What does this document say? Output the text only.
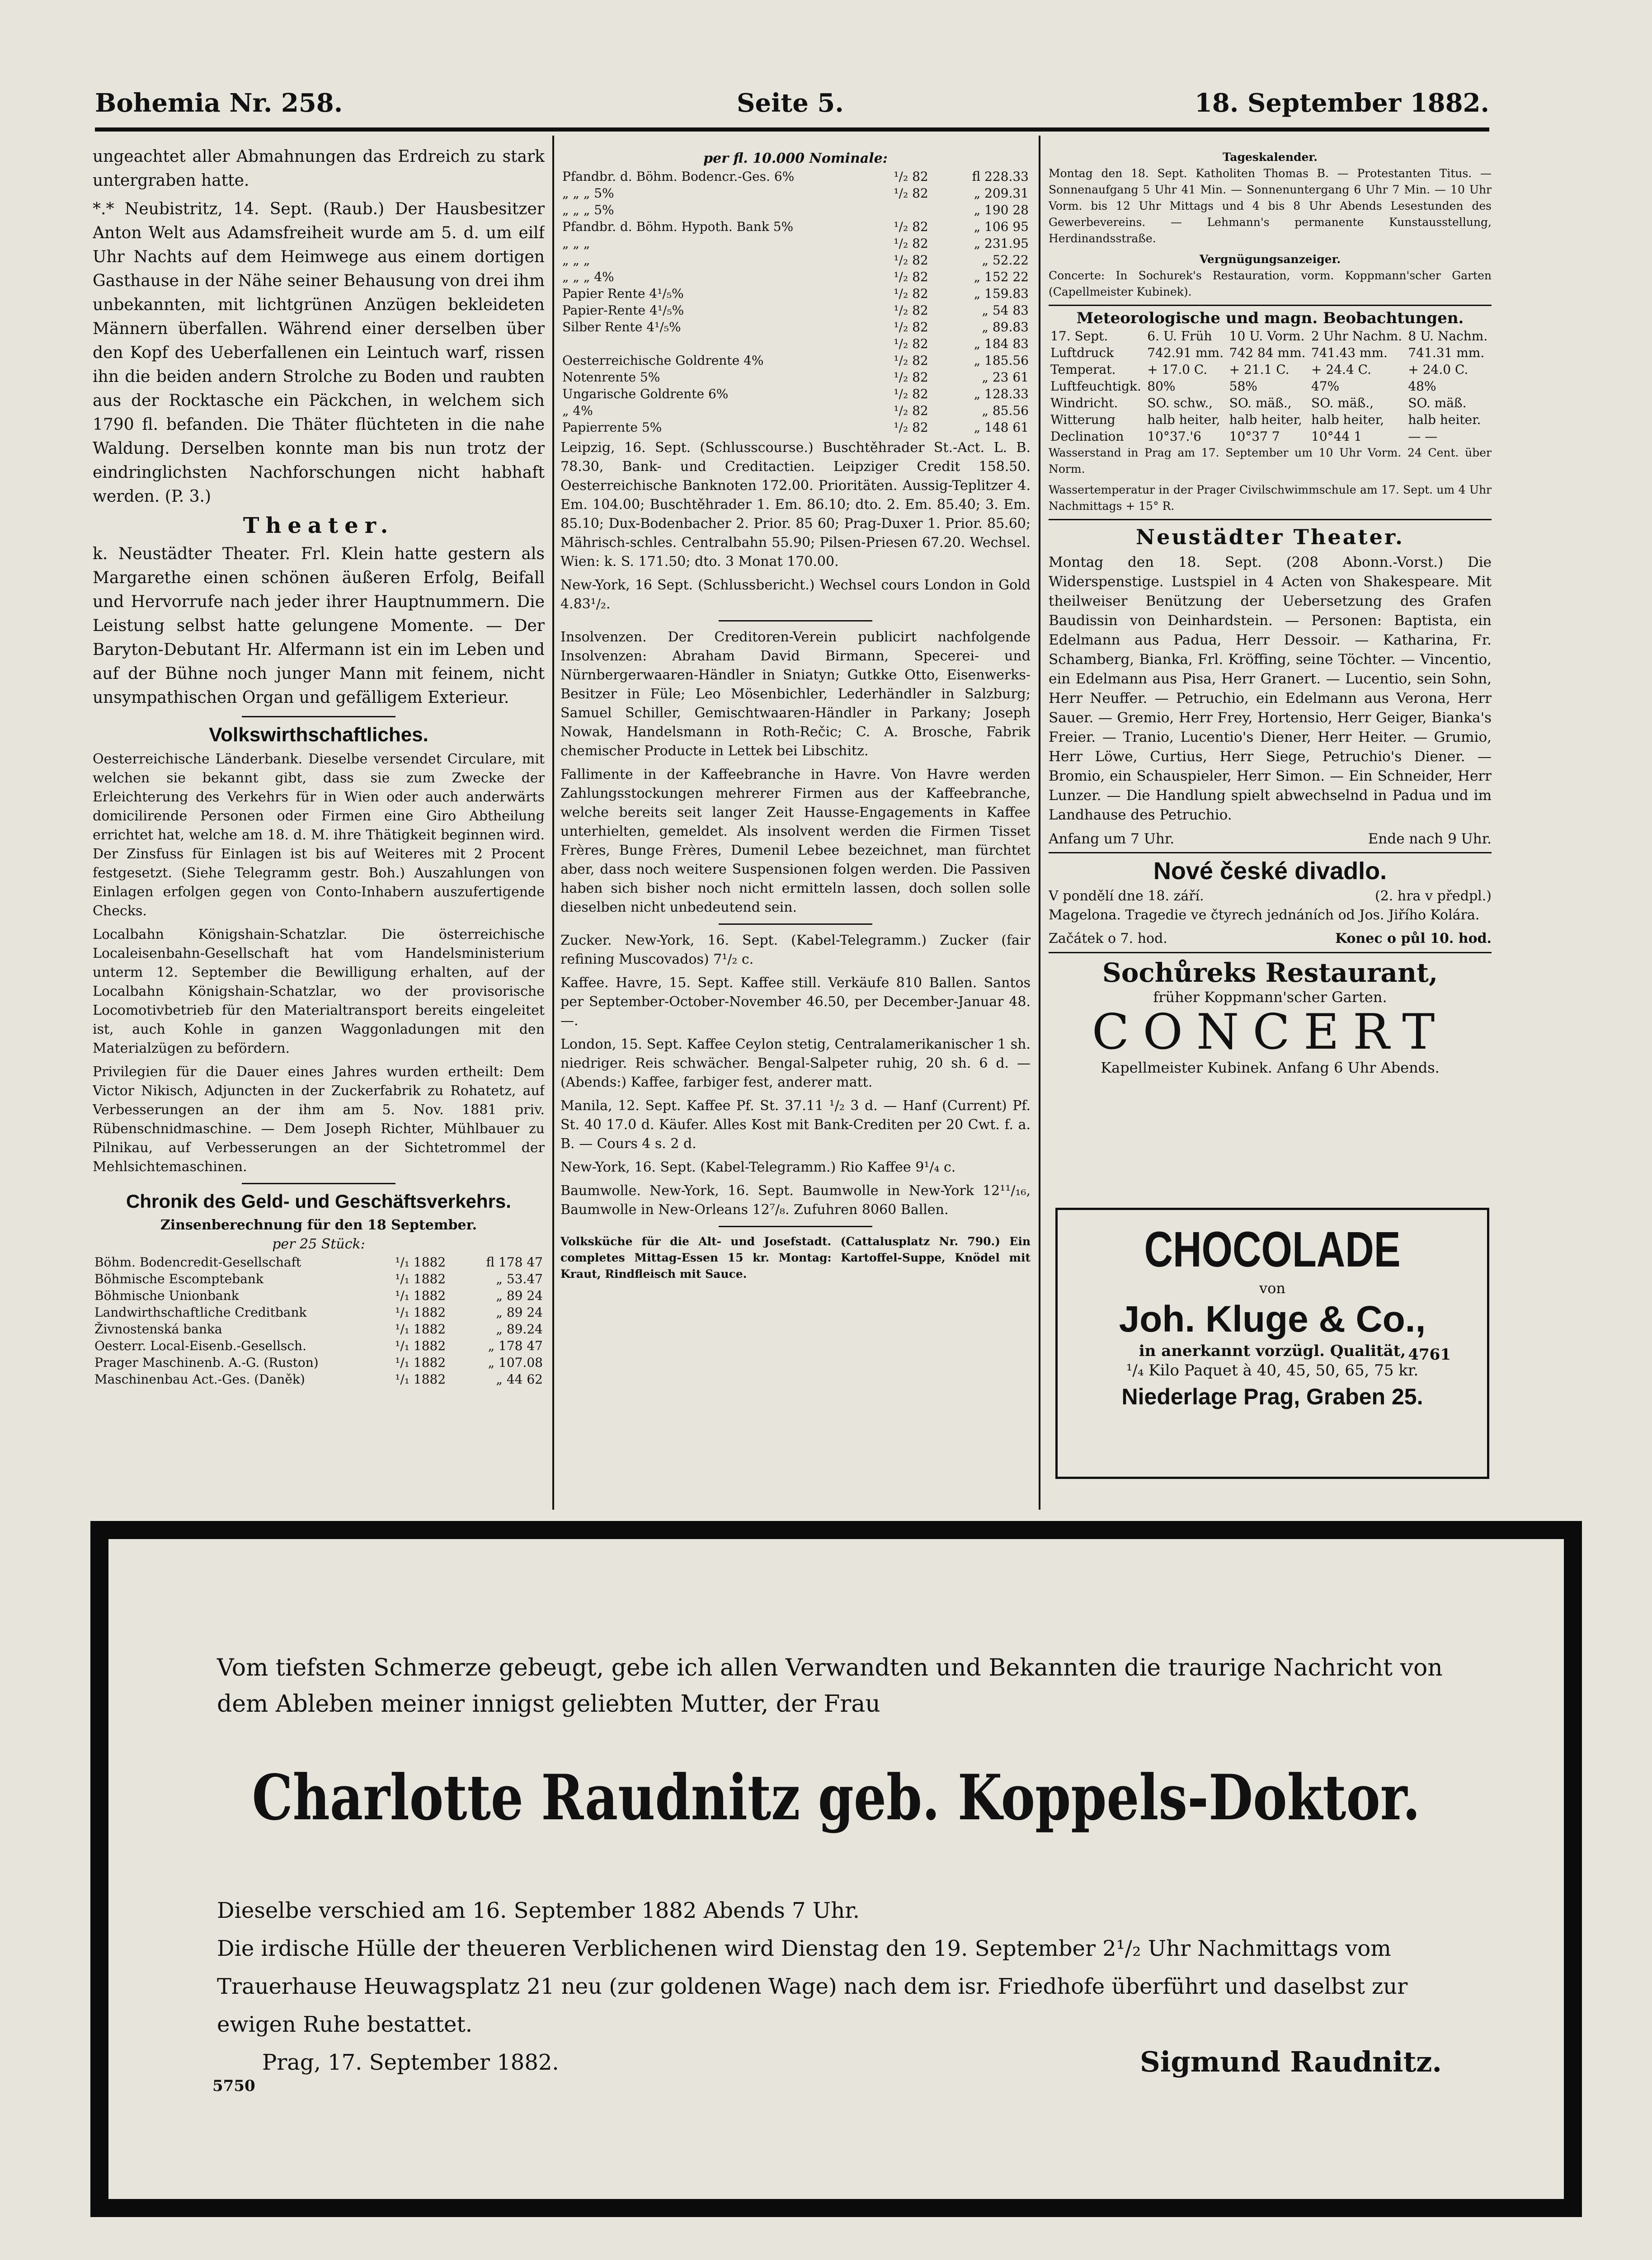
Bohemia Nr. 258.	Seite 5.	18. September 1882.

ungeachtet aller Abmahnungen das Erdreich zu stark untergraben hatte.

*.* Neubistritz, 14. Sept. (Raub.) Der Hausbesitzer Anton Welt aus Adamsfreiheit wurde am 5. d. um eilf Uhr Nachts auf dem Heimwege aus einem dortigen Gasthause in der Nähe seiner Behausung von drei ihm unbekannten, mit lichtgrünen Anzügen bekleideten Männern überfallen. Während einer derselben über den Kopf des Ueberfallenen ein Leintuch warf, rissen ihn die beiden andern Strolche zu Boden und raubten aus der Rocktasche ein Päckchen, in welchem sich 1790 fl. befanden. Die Thäter flüchteten in die nahe Waldung. Derselben konnte man bis nun trotz der eindringlichsten Nachforschungen nicht habhaft werden. (P. 3.)

Theater.

k. Neustädter Theater. Frl. Klein hatte gestern als Margarethe einen schönen äußeren Erfolg, Beifall und Hervorrufe nach jeder ihrer Hauptnummern. Die Leistung selbst hatte gelungene Momente. — Der Baryton-Debutant Hr. Alfermann ist ein im Leben und auf der Bühne noch junger Mann mit feinem, nicht unsympathischen Organ und gefälligem Exterieur.

Volkswirthschaftliches.

Oesterreichische Länderbank. Dieselbe versendet Circulare, mit welchen sie bekannt gibt, dass sie zum Zwecke der Erleichterung des Verkehrs für in Wien oder auch anderwärts domicilirende Personen oder Firmen eine Giro Abtheilung errichtet hat, welche am 18. d. M. ihre Thätigkeit beginnen wird. Der Zinsfuss für Einlagen ist bis auf Weiteres mit 2 Procent festgesetzt. (Siehe Telegramm gestr. Boh.) Auszahlungen von Einlagen erfolgen gegen von Conto-Inhabern auszufertigende Checks.

Localbahn Königshain-Schatzlar. Die österreichische Localeisenbahn-Gesellschaft hat vom Handelsministerium unterm 12. September die Bewilligung erhalten, auf der Localbahn Königshain-Schatzlar, wo der provisorische Locomotivbetrieb für den Materialtransport bereits eingeleitet ist, auch Kohle in ganzen Waggonladungen mit den Materialzügen zu befördern.

Privilegien für die Dauer eines Jahres wurden ertheilt: Dem Victor Nikisch, Adjuncten in der Zuckerfabrik zu Rohatetz, auf Verbesserungen an der ihm am 5. Nov. 1881 priv. Rübenschnidmaschine. — Dem Joseph Richter, Mühlbauer zu Pilnikau, auf Verbesserungen an der Sichtetrommel der Mehlsichtemaschinen.

Chronik des Geld- und Geschäftsverkehrs.
Zinsenberechnung für den 18 September.
per 25 Stück:
Böhm. Bodencredit-Gesellschaft	¹/₁ 1882	fl 178 47
Böhmische Escomptebank	¹/₁ 1882	„ 53.47
Böhmische Unionbank	¹/₁ 1882	„ 89 24
Landwirthschaftliche Creditbank	¹/₁ 1882	„ 89 24
Živnostenská banka	¹/₁ 1882	„ 89.24
Oesterr. Local-Eisenb.-Gesellsch.	¹/₁ 1882	„ 178 47
Prager Maschinenb. A.-G. (Ruston)	¹/₁ 1882	„ 107.08
Maschinenbau Act.-Ges. (Daněk)	¹/₁ 1882	„ 44 62
per fl. 10.000 Nominale:
Pfandbr. d. Böhm. Bodencr.-Ges. 6%	¹/₂ 82	fl 228.33
„ „ „ 5%	¹/₂ 82	„ 209.31
„ „ „ 5%		„ 190 28
Pfandbr. d. Böhm. Hypoth. Bank 5%	¹/₂ 82	„ 106 95
„ „ „	¹/₂ 82	„ 231.95
„ „ „	¹/₂ 82	„ 52.22
„ „ „ 4%	¹/₂ 82	„ 152 22
Papier Rente 4¹/₅%	¹/₂ 82	„ 159.83
Papier-Rente 4¹/₅%	¹/₂ 82	„ 54 83
Silber Rente 4¹/₅%	¹/₂ 82	„ 89.83
	¹/₂ 82	„ 184 83
Oesterreichische Goldrente 4%	¹/₂ 82	„ 185.56
Notenrente 5%	¹/₂ 82	„ 23 61
Ungarische Goldrente 6%	¹/₂ 82	„ 128.33
„ 4%	¹/₂ 82	„ 85.56
Papierrente 5%	¹/₂ 82	„ 148 61

Leipzig, 16. Sept. (Schlusscourse.) Buschtěhrader St.-Act. L. B. 78.30, Bank- und Creditactien. Leipziger Credit 158.50. Oesterreichische Banknoten 172.00. Prioritäten. Aussig-Teplitzer 4. Em. 104.00; Buschtěhrader 1. Em. 86.10; dto. 2. Em. 85.40; 3. Em. 85.10; Dux-Bodenbacher 2. Prior. 85 60; Prag-Duxer 1. Prior. 85.60; Mährisch-schles. Centralbahn 55.90; Pilsen-Priesen 67.20. Wechsel. Wien: k. S. 171.50; dto. 3 Monat 170.00.

New-York, 16 Sept. (Schlussbericht.) Wechsel cours London in Gold 4.83¹/₂.

Insolvenzen. Der Creditoren-Verein publicirt nachfolgende Insolvenzen: Abraham David Birmann, Specerei- und Nürnbergerwaaren-Händler in Sniatyn; Gutkke Otto, Eisenwerks-Besitzer in Füle; Leo Mösenbichler, Lederhändler in Salzburg; Samuel Schiller, Gemischtwaaren-Händler in Parkany; Joseph Nowak, Handelsmann in Roth-Rečic; C. A. Brosche, Fabrik chemischer Producte in Lettek bei Libschitz.

Fallimente in der Kaffeebranche in Havre. Von Havre werden Zahlungsstockungen mehrerer Firmen aus der Kaffeebranche, welche bereits seit langer Zeit Hausse-Engagements in Kaffee unterhielten, gemeldet. Als insolvent werden die Firmen Tisset Frères, Bunge Frères, Dumenil Lebee bezeichnet, man fürchtet aber, dass noch weitere Suspensionen folgen werden. Die Passiven haben sich bisher noch nicht ermitteln lassen, doch sollen solle dieselben nicht unbedeutend sein.

Zucker. New-York, 16. Sept. (Kabel-Telegramm.) Zucker (fair refining Muscovados) 7¹/₂ c.

Kaffee. Havre, 15. Sept. Kaffee still. Verkäufe 810 Ballen. Santos per September-October-November 46.50, per December-Januar 48.—.

London, 15. Sept. Kaffee Ceylon stetig, Centralamerikanischer 1 sh. niedriger. Reis schwächer. Bengal-Salpeter ruhig, 20 sh. 6 d. — (Abends:) Kaffee, farbiger fest, anderer matt.

Manila, 12. Sept. Kaffee Pf. St. 37.11 ¹/₂ 3 d. — Hanf (Current) Pf. St. 40 17.0 d. Käufer. Alles Kost mit Bank-Crediten per 20 Cwt. f. a. B. — Cours 4 s. 2 d.

New-York, 16. Sept. (Kabel-Telegramm.) Rio Kaffee 9¹/₄ c.

Baumwolle. New-York, 16. Sept. Baumwolle in New-York 12¹¹/₁₆, Baumwolle in New-Orleans 12⁷/₈. Zufuhren 8060 Ballen.

Volksküche für die Alt- und Josefstadt. (Cattalusplatz Nr. 790.) Ein completes Mittag-Essen 15 kr. Montag: Kartoffel-Suppe, Knödel mit Kraut, Rindfleisch mit Sauce.

Tageskalender.

Montag den 18. Sept. Katholiten Thomas B. — Protestanten Titus. — Sonnenaufgang 5 Uhr 41 Min. — Sonnenuntergang 6 Uhr 7 Min. — 10 Uhr Vorm. bis 12 Uhr Mittags und 4 bis 8 Uhr Abends Lesestunden des Gewerbevereins. — Lehmann's permanente Kunstausstellung, Herdinandsstraße.

Vergnügungsanzeiger.

Concerte: In Sochurek's Restauration, vorm. Koppmann'scher Garten (Capellmeister Kubinek).

Meteorologische und magn. Beobachtungen.
17. Sept.	6. U. Früh	10 U. Vorm.	2 Uhr Nachm.	8 U. Nachm.
Luftdruck	742.91 mm.	742 84 mm.	741.43 mm.	741.31 mm.
Temperat.	+ 17.0 C.	+ 21.1 C.	+ 24.4 C.	+ 24.0 C.
Luftfeuchtigk.	80%	58%	47%	48%
Windricht.	SO. schw.,	SO. mäß.,	SO. mäß.,	SO. mäß.
Witterung	halb heiter,	halb heiter,	halb heiter,	halb heiter.
Declination	10°37.'6	10°37 7	10°44 1	— —

Wasserstand in Prag am 17. September um 10 Uhr Vorm. 24 Cent. über Norm.

Wassertemperatur in der Prager Civilschwimmschule am 17. Sept. um 4 Uhr Nachmittags + 15° R.

Neustädter Theater.

Montag den 18. Sept. (208 Abonn.-Vorst.) Die Widerspenstige. Lustspiel in 4 Acten von Shakespeare. Mit theilweiser Benützung der Uebersetzung des Grafen Baudissin von Deinhardstein. — Personen: Baptista, ein Edelmann aus Padua, Herr Dessoir. — Katharina, Fr. Schamberg, Bianka, Frl. Kröffing, seine Töchter. — Vincentio, ein Edelmann aus Pisa, Herr Granert. — Lucentio, sein Sohn, Herr Neuffer. — Petruchio, ein Edelmann aus Verona, Herr Sauer. — Gremio, Herr Frey, Hortensio, Herr Geiger, Bianka's Freier. — Tranio, Lucentio's Diener, Herr Heiter. — Grumio, Herr Löwe, Curtius, Herr Siege, Petruchio's Diener. — Bromio, ein Schauspieler, Herr Simon. — Ein Schneider, Herr Lunzer. — Die Handlung spielt abwechselnd in Padua und im Landhause des Petruchio.

Anfang um 7 Uhr.	Ende nach 9 Uhr.
Nové české divadlo.
V pondělí dne 18. září.	(2. hra v předpl.)

Magelona. Tragedie ve čtyrech jednáních od Jos. Jiřího Kolára.

Začátek o 7. hod.	Konec o půl 10. hod.
Sochůreks Restaurant,
früher Koppmann'scher Garten.
CONCERT
Kapellmeister Kubinek. Anfang 6 Uhr Abends.
CHOCOLADE
von
Joh. Kluge & Co.,
in anerkannt vorzügl. Qualität,
¹/₄ Kilo Paquet à 40, 45, 50, 65, 75 kr.
Niederlage Prag, Graben 25.
4761
Vom tiefsten Schmerze gebeugt, gebe ich allen Verwandten und Bekannten die traurige Nachricht von dem Ableben meiner innigst geliebten Mutter, der Frau
Charlotte Raudnitz geb. Koppels-Doktor.
Dieselbe verschied am 16. September 1882 Abends 7 Uhr.
Die irdische Hülle der theueren Verblichenen wird Dienstag den 19. September 2¹/₂ Uhr Nachmittags vom Trauerhause Heuwagsplatz 21 neu (zur goldenen Wage) nach dem isr. Friedhofe überführt und daselbst zur ewigen Ruhe bestattet.
Prag, 17. September 1882.	Sigmund Raudnitz.
5750
